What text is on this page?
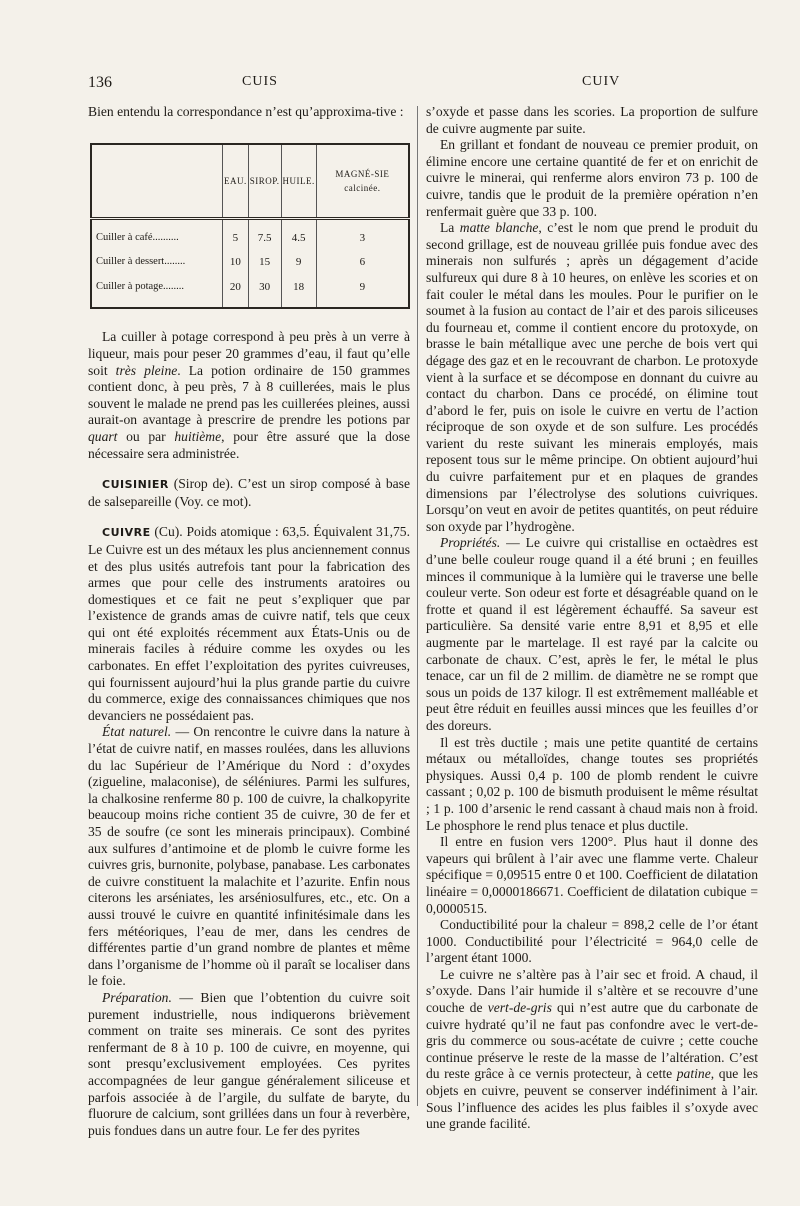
136	CUIS	CUIV

Bien entendu la correspondance n’est qu’approxima-tive :

	EAU.	SIROP.	HUILE.	MAGNÉ-SIE calcinée.
Cuiller à café..........	5	7.5	4.5	3
Cuiller à dessert........	10	15	9	6
Cuiller à potage........	20	30	18	9

La cuiller à potage correspond à peu près à un verre à liqueur, mais pour peser 20 grammes d’eau, il faut qu’elle soit très pleine. La potion ordinaire de 150 grammes contient donc, à peu près, 7 à 8 cuillerées, mais le plus souvent le malade ne prend pas les cuillerées pleines, aussi aurait-on avantage à prescrire de prendre les potions par quart ou par huitième, pour être assuré que la dose nécessaire sera administrée.

CUISINIER (Sirop de). C’est un sirop composé à base de salsepareille (Voy. ce mot).

CUIVRE (Cu). Poids atomique : 63,5. Équivalent 31,75. Le Cuivre est un des métaux les plus anciennement connus et des plus usités autrefois tant pour la fabrication des armes que pour celle des instruments aratoires ou domestiques et ce fait ne peut s’expliquer que par l’existence de grands amas de cuivre natif, tels que ceux qui ont été exploités récemment aux États-Unis ou de minerais faciles à réduire comme les oxydes ou les carbonates. En effet l’exploitation des pyrites cuivreuses, qui fournissent aujourd’hui la plus grande partie du cuivre du commerce, exige des connaissances chimiques que nos devanciers ne possédaient pas.

État naturel. — On rencontre le cuivre dans la nature à l’état de cuivre natif, en masses roulées, dans les alluvions du lac Supérieur de l’Amérique du Nord : d’oxydes (zigueline, malaconise), de séléniures. Parmi les sulfures, la chalkosine renferme 80 p. 100 de cuivre, la chalkopyrite beaucoup moins riche contient 35 de cuivre, 30 de fer et 35 de soufre (ce sont les minerais principaux). Combiné aux sulfures d’antimoine et de plomb le cuivre forme les cuivres gris, burnonite, polybase, panabase. Les carbonates de cuivre constituent la malachite et l’azurite. Enfin nous citerons les arséniates, les arséniosulfures, etc., etc. On a aussi trouvé le cuivre en quantité infinitésimale dans les fers météoriques, l’eau de mer, dans les cendres de différentes partie d’un grand nombre de plantes et même dans l’organisme de l’homme où il paraît se localiser dans le foie.

Préparation. — Bien que l’obtention du cuivre soit purement industrielle, nous indiquerons brièvement comment on traite ses minerais. Ce sont des pyrites renfermant de 8 à 10 p. 100 de cuivre, en moyenne, qui sont presqu’exclusivement employées. Ces pyrites accompagnées de leur gangue généralement siliceuse et parfois associée à de l’argile, du sulfate de baryte, du fluorure de calcium, sont grillées dans un four à reverbère, puis fondues dans un autre four. Le fer des pyrites

s’oxyde et passe dans les scories. La proportion de sulfure de cuivre augmente par suite.

En grillant et fondant de nouveau ce premier produit, on élimine encore une certaine quantité de fer et on enrichit de cuivre le minerai, qui renferme alors environ 73 p. 100 de cuivre, tandis que le produit de la première opération n’en renfermait guère que 33 p. 100.

La matte blanche, c’est le nom que prend le produit du second grillage, est de nouveau grillée puis fondue avec des minerais non sulfurés ; après un dégagement d’acide sulfureux qui dure 8 à 10 heures, on enlève les scories et on fait couler le métal dans les moules. Pour le purifier on le soumet à la fusion au contact de l’air et des parois siliceuses du fourneau et, comme il contient encore du protoxyde, on brasse le bain métallique avec une perche de bois vert qui dégage des gaz et en le recouvrant de charbon. Le protoxyde vient à la surface et se décompose en donnant du cuivre au contact du charbon. Dans ce procédé, on élimine tout d’abord le fer, puis on isole le cuivre en vertu de l’action réciproque de son oxyde et de son sulfure. Les procédés varient du reste suivant les minerais employés, mais reposent tous sur le même principe. On obtient aujourd’hui du cuivre parfaitement pur et en plaques de grandes dimensions par l’électrolyse des solutions cuivriques. Lorsqu’on veut en avoir de petites quantités, on peut réduire son oxyde par l’hydrogène.

Propriétés. — Le cuivre qui cristallise en octaèdres est d’une belle couleur rouge quand il a été bruni ; en feuilles minces il communique à la lumière qui le traverse une belle couleur verte. Son odeur est forte et désagréable quand on le frotte et quand il est légèrement échauffé. Sa saveur est particulière. Sa densité varie entre 8,91 et 8,95 et elle augmente par le martelage. Il est rayé par la calcite ou carbonate de chaux. C’est, après le fer, le métal le plus tenace, car un fil de 2 millim. de diamètre ne se rompt que sous un poids de 137 kilogr. Il est extrêmement malléable et peut être réduit en feuilles aussi minces que les feuilles d’or des doreurs.

Il est très ductile ; mais une petite quantité de certains métaux ou métalloïdes, change toutes ses propriétés physiques. Aussi 0,4 p. 100 de plomb rendent le cuivre cassant ; 0,02 p. 100 de bismuth produisent le même résultat ; 1 p. 100 d’arsenic le rend cassant à chaud mais non à froid. Le phosphore le rend plus tenace et plus ductile.

Il entre en fusion vers 1200°. Plus haut il donne des vapeurs qui brûlent à l’air avec une flamme verte. Chaleur spécifique = 0,09515 entre 0 et 100. Coefficient de dilatation linéaire = 0,0000186671. Coefficient de dilatation cubique = 0,0000515.

Conductibilité pour la chaleur = 898,2 celle de l’or étant 1000. Conductibilité pour l’électricité = 964,0 celle de l’argent étant 1000.

Le cuivre ne s’altère pas à l’air sec et froid. A chaud, il s’oxyde. Dans l’air humide il s’altère et se recouvre d’une couche de vert-de-gris qui n’est autre que du carbonate de cuivre hydraté qu’il ne faut pas confondre avec le vert-de-gris du commerce ou sous-acétate de cuivre ; cette couche continue préserve le reste de la masse de l’altération. C’est du reste grâce à ce vernis protecteur, à cette patine, que les objets en cuivre, peuvent se conserver indéfiniment à l’air. Sous l’influence des acides les plus faibles il s’oxyde avec une grande facilité.
